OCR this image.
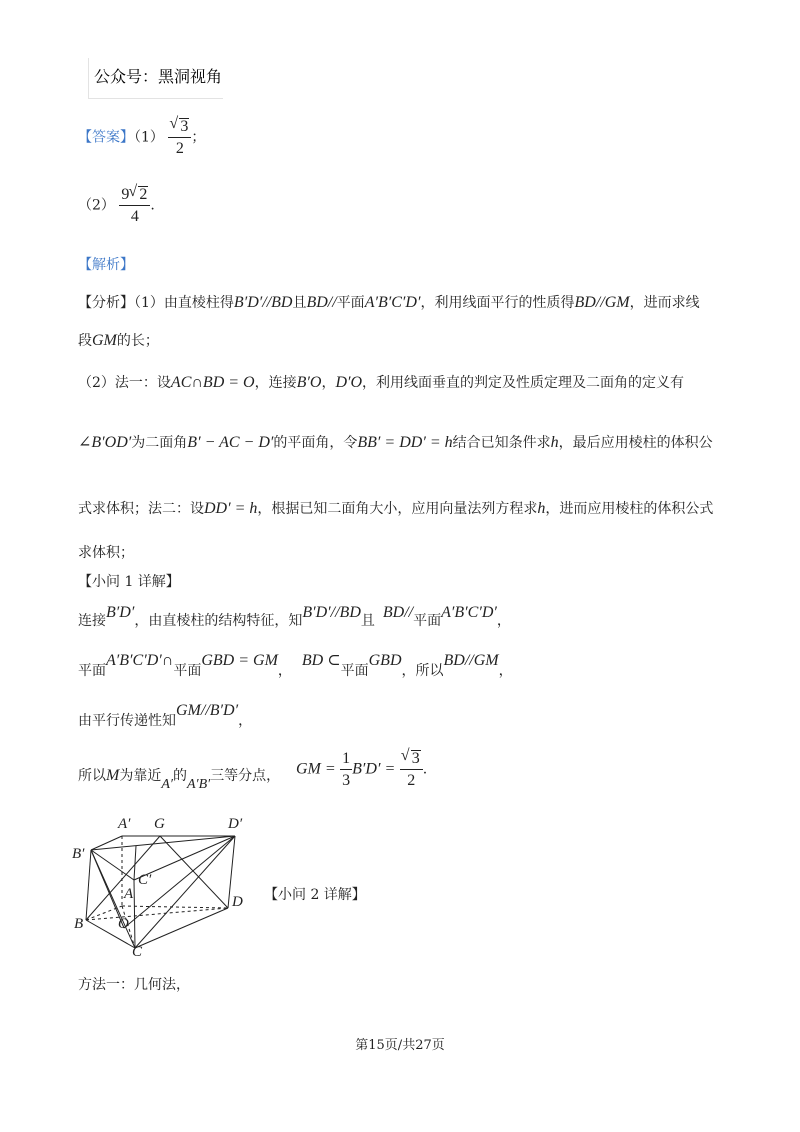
公众号：黑洞视角
【答案】（1） √ $\frac{3}{2}$ ；
$(2) \frac{9 √ 2}{4}$ .
【解析】
【分析】（1）由直棱柱得B′D′//BD且BD//平面A′B′C′D′，利用线面平行的性质得BD//GM，进而求线
段GM的长；
（2）法一：设AC∩BD = O，连接B′O，D′O，利用线面垂直的判定及性质定理及二面角的定义有
∠B′OD′为二面角B′ − AC − D′的平面角，令BB′ = DD′ = h结合已知条件求h，最后应用棱柱的体积公
式求体积；法二：设DD′ = h，根据已知二面角大小，应用向量法列方程求h，进而应用棱柱的体积公式
求体积；
【小问 1 详解】
连接B′D′，由直棱柱的结构特征，知B′D′//BD且 BD//平面A′B′C′D′，
平面A′B′C′D′∩平面GBD = GM，BD ⊂平面GBD，所以BD//GM，
由平行传递性知GM//B′D′，
所以M为靠近A′的A′B′三等分点， GM = $\frac{1}{3} B'D'$ = √ $\frac{3}{2}$ .
A′ G	D′
B′
C′
A
O
D
B
C
【小问 2 详解】
方法一：几何法，
第15页/共27页
